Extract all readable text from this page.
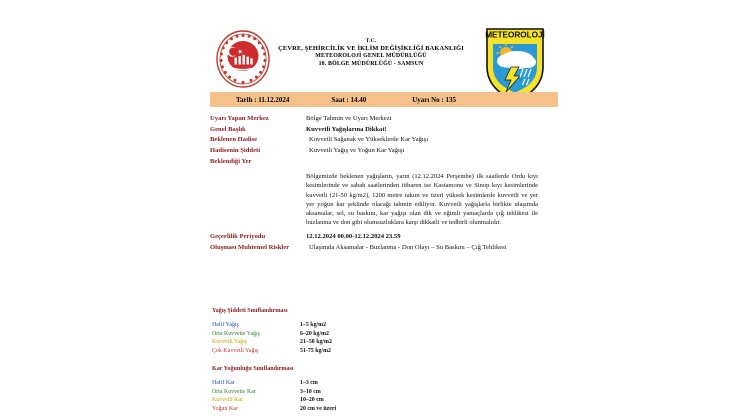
T.C.
ÇEVRE, ŞEHİRCİLİK VE İKLİM DEĞİŞİKLİĞİ BAKANLIĞI
METEOROLOJİ GENEL MÜDÜRLÜĞÜ
10. BÖLGE MÜDÜRLÜĞÜ - SAMSUN
METEOROLOJİ
Tarih : 11.12.2024	Saat : 14.40	Uyarı No : 135
Uyarı Yapan Merkez	Bölge Tahmin ve Uyarı Merkezi
Genel Başlık	Kuvvetli Yağışlarına Dikkat!
Beklenen Hadise	Kuvvetli Sağanak ve Yükseklerde Kar Yağışı
Hadisenin Şiddeti	Kuvvetli Yağış ve Yoğun Kar Yağışı
Beklendiği Yer

Bölgemizde beklenen yağışların, yarın (12.12.2024 Perşembe) ilk saatlerde Ordu kıyı kesimlerinde ve sabah saatlerinden itibaren ise Kastamonu ve Sinop kıyı kesimlerinde kuvvetli (21-50 kg/m2), 1200 metre rakım ve üzeri yüksek kesimlerde kuvvetli ve yer yer yoğun kar şeklinde olacağı tahmin ediliyor. Kuvvetli yağışlarla birlikte ulaşımda aksamalar, sel, su baskını, kar yağışı olan dik ve eğimli yamaçlarda çığ tehlikesi ile buzlanma ve don gibi olumsuzluklara karşı dikkatli ve tedbirli olunmalıdır.

Geçerlilik Periyodu	12.12.2024 00.00-12.12.2024 23.59
Oluşması Muhtemel Riskler	Ulaşımda Aksamalar - Buzlanma - Don Olayı – Su Baskını – Çığ Tehlikesi
Yağış Şiddeti Sınıflandırması
Hafif Yağış	1–5 kg/m2
Orta Kuvvette Yağış	6–20 kg/m2
Kuvvetli Yağış	21–50 kg/m2
Çok Kuvvetli Yağış	51-75 kg/m2
Kar Yoğunluğu Sınıflandırması
Hafif Kar	1–3 cm
Orta Kuvvette Kar	3–10 cm
Kuvvetli Kar	10–20 cm
Yoğun Kar	20 cm ve üzeri
